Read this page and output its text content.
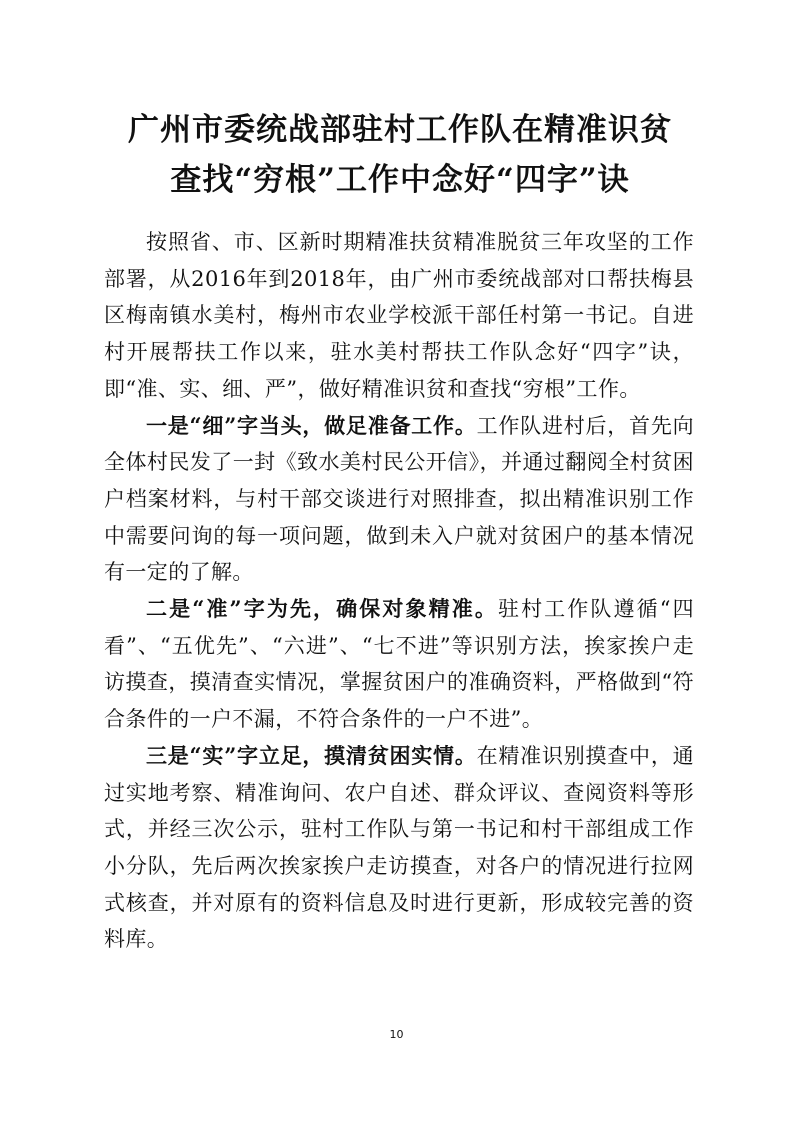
广州市委统战部驻村工作队在精准识贫
查找“穷根”工作中念好“四字”诀

按照省、市、区新时期精准扶贫精准脱贫三年攻坚的工作部署，从2016年到2018年，由广州市委统战部对口帮扶梅县区梅南镇水美村，梅州市农业学校派干部任村第一书记。自进村开展帮扶工作以来，驻水美村帮扶工作队念好“四字”诀，即“准、实、细、严”，做好精准识贫和查找“穷根”工作。

一是“细”字当头，做足准备工作。工作队进村后，首先向全体村民发了一封《致水美村民公开信》，并通过翻阅全村贫困户档案材料，与村干部交谈进行对照排查，拟出精准识别工作中需要问询的每一项问题，做到未入户就对贫困户的基本情况有一定的了解。

二是“准”字为先，确保对象精准。驻村工作队遵循“四看”、“五优先”、“六进”、“七不进”等识别方法，挨家挨户走访摸查，摸清查实情况，掌握贫困户的准确资料，严格做到“符合条件的一户不漏，不符合条件的一户不进”。

三是“实”字立足，摸清贫困实情。在精准识别摸查中，通过实地考察、精准询问、农户自述、群众评议、查阅资料等形式，并经三次公示，驻村工作队与第一书记和村干部组成工作小分队，先后两次挨家挨户走访摸查，对各户的情况进行拉网式核查，并对原有的资料信息及时进行更新，形成较完善的资料库。

10
